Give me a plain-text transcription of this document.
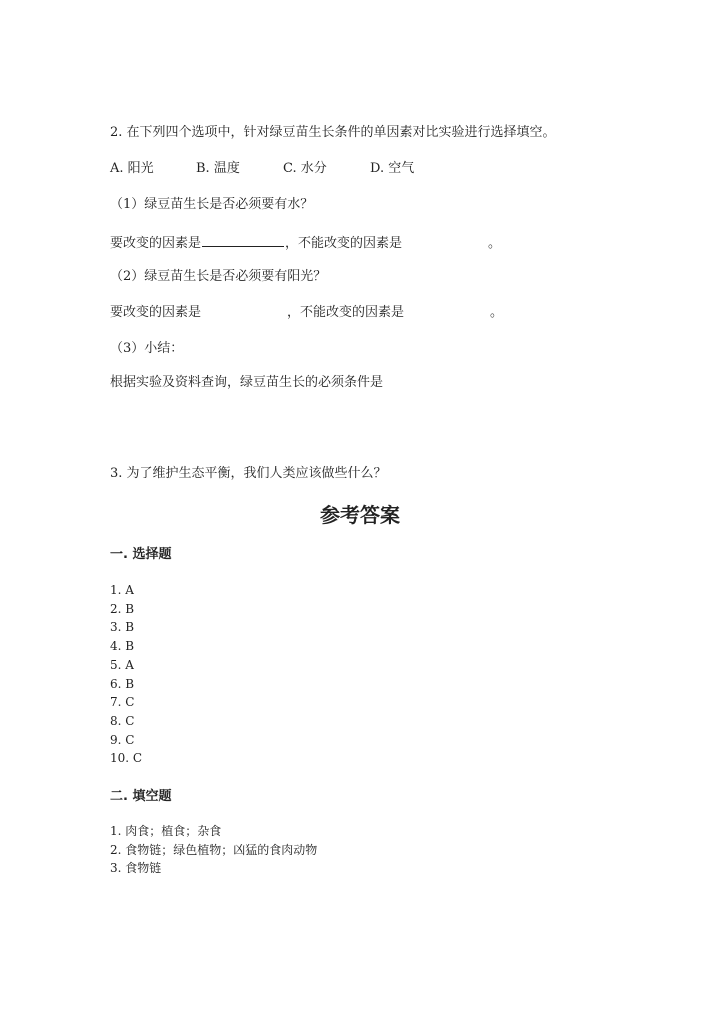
2. 在下列四个选项中，针对绿豆苗生长条件的单因素对比实验进行选择填空。
A. 阳光	B. 温度	C. 水分	D. 空气
（1）绿豆苗生长是否必须要有水？
要改变的因素是	，不能改变的因素是	。
（2）绿豆苗生长是否必须要有阳光？
要改变的因素是	，不能改变的因素是	。
（3）小结：
根据实验及资料查询，绿豆苗生长的必须条件是
3. 为了维护生态平衡，我们人类应该做些什么？
参考答案
一. 选择题
1. A
2. B
3. B
4. B
5. A
6. B
7. C
8. C
9. C
10. C
二. 填空题
1. 肉食；植食；杂食
2. 食物链；绿色植物；凶猛的食肉动物
3. 食物链
